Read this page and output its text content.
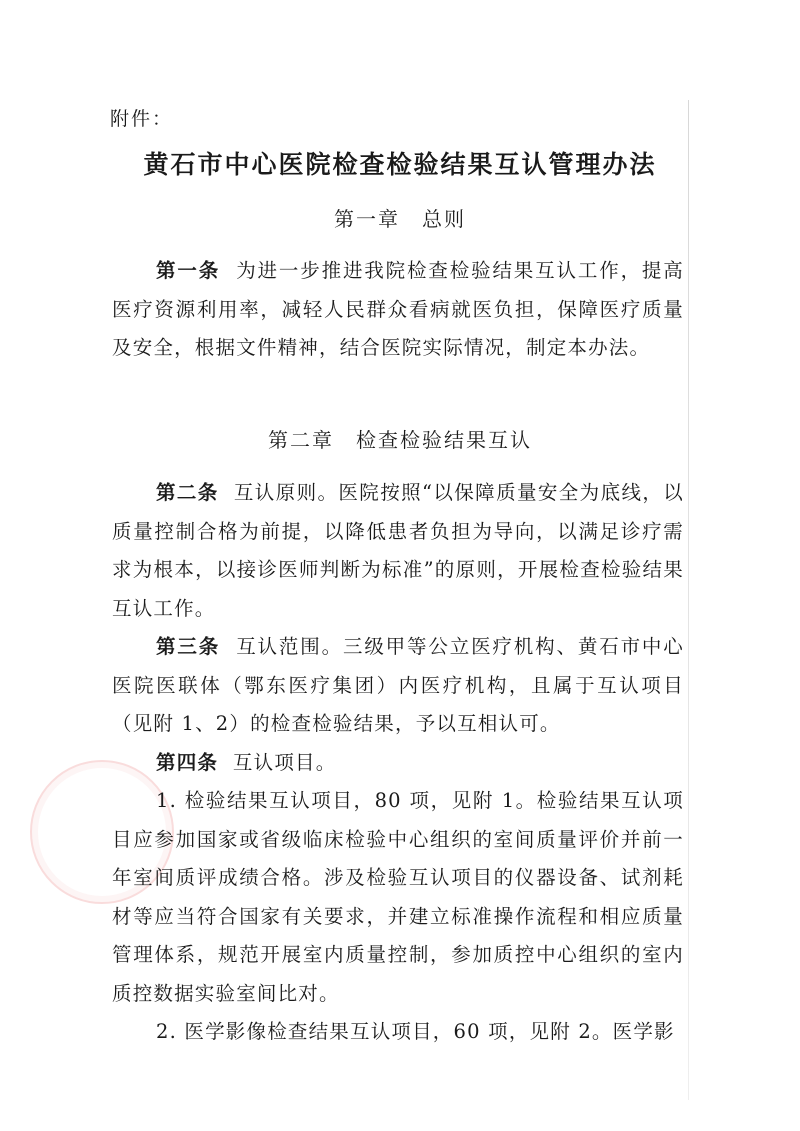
附件：
黄石市中心医院检查检验结果互认管理办法
第一章 总则

第一条 为进一步推进我院检查检验结果互认工作，提高医疗资源利用率，减轻人民群众看病就医负担，保障医疗质量及安全，根据文件精神，结合医院实际情况，制定本办法。

第二章 检查检验结果互认

第二条 互认原则。医院按照“以保障质量安全为底线，以质量控制合格为前提，以降低患者负担为导向，以满足诊疗需求为根本，以接诊医师判断为标准”的原则，开展检查检验结果互认工作。

第三条 互认范围。三级甲等公立医疗机构、黄石市中心医院医联体（鄂东医疗集团）内医疗机构，且属于互认项目（见附 1、2）的检查检验结果，予以互相认可。

第四条 互认项目。

1. 检验结果互认项目，80 项，见附 1。检验结果互认项目应参加国家或省级临床检验中心组织的室间质量评价并前一年室间质评成绩合格。涉及检验互认项目的仪器设备、试剂耗材等应当符合国家有关要求，并建立标准操作流程和相应质量管理体系，规范开展室内质量控制，参加质控中心组织的室内质控数据实验室间比对。

2. 医学影像检查结果互认项目，60 项，见附 2。医学影
